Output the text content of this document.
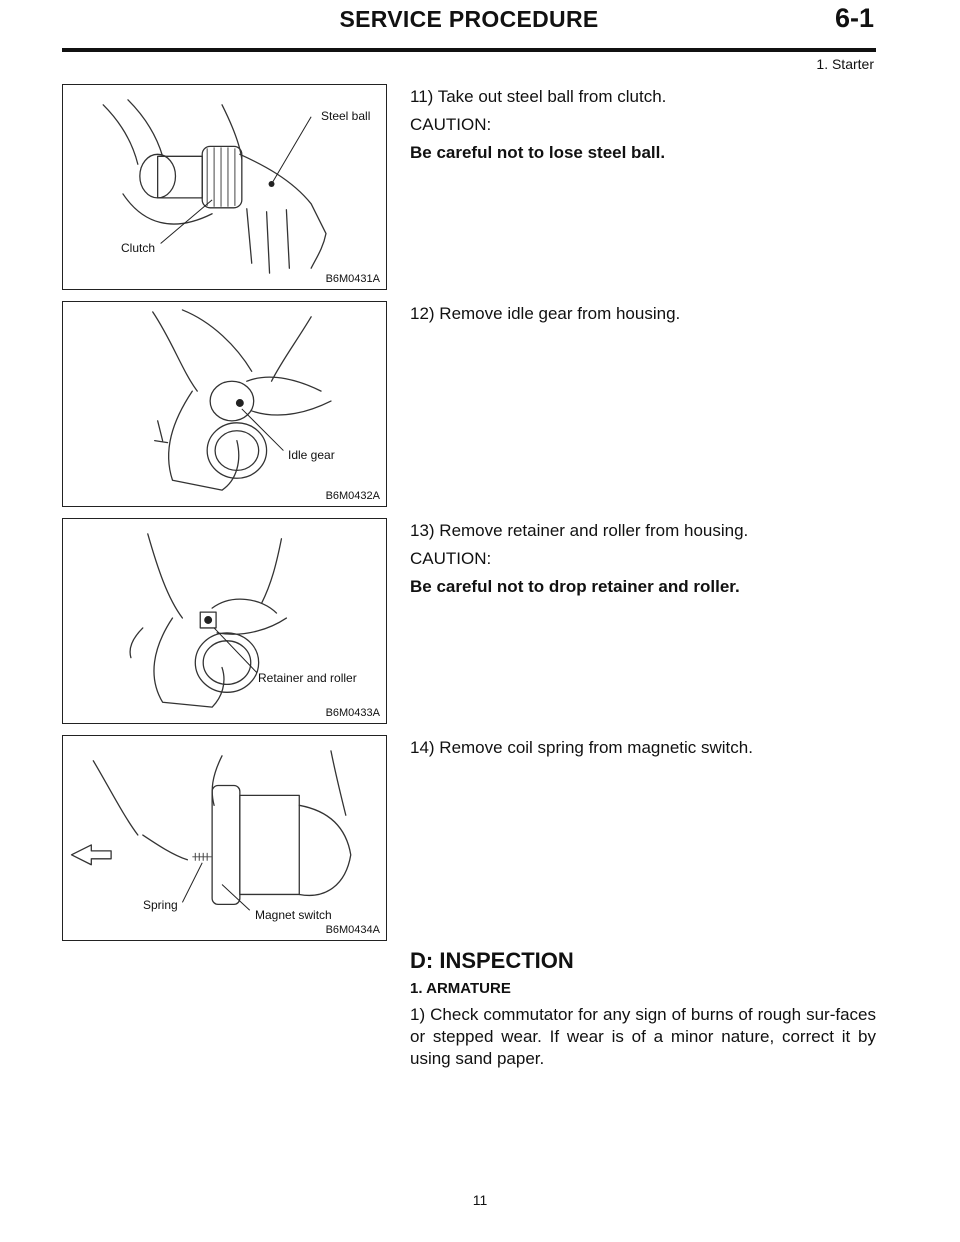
SERVICE PROCEDURE	6-1
1. Starter
Steel ball
Clutch
B6M0431A
Idle gear
B6M0432A
Retainer and roller
B6M0433A
Spring
Magnet switch
B6M0434A

11) Take out steel ball from clutch.

CAUTION:

Be careful not to lose steel ball.

12) Remove idle gear from housing.

13) Remove retainer and roller from housing.

CAUTION:

Be careful not to drop retainer and roller.

14) Remove coil spring from magnetic switch.

D: INSPECTION
1. ARMATURE

1) Check commutator for any sign of burns of rough sur-faces or stepped wear. If wear is of a minor nature, correct it by using sand paper.

11
